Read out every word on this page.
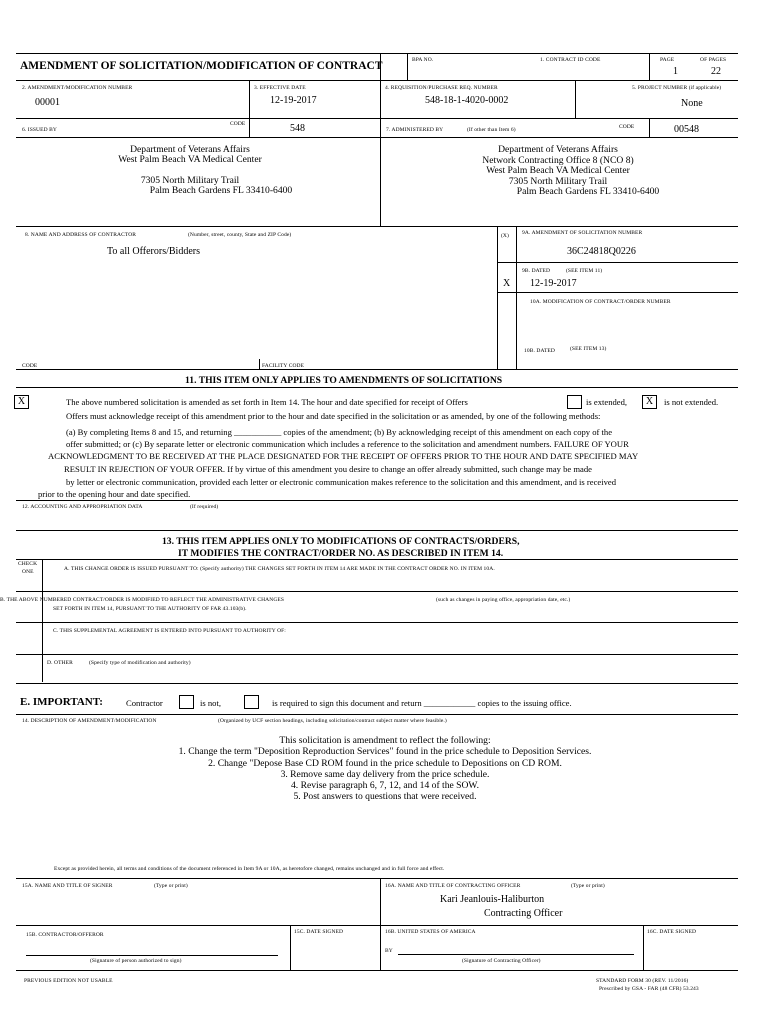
AMENDMENT OF SOLICITATION/MODIFICATION OF CONTRACT	BPA NO.	1. CONTRACT ID CODE	PAGE	OF PAGES
1	22
2. AMENDMENT/MODIFICATION NUMBER
00001
3. EFFECTIVE DATE
12-19-2017
4. REQUISITION/PURCHASE REQ. NUMBER
548-18-1-4020-0002
5. PROJECT NUMBER (if applicable)
None
6. ISSUED BY
CODE	548	7. ADMINISTERED BY	(If other than Item 6)	CODE	00548
Department of Veterans Affairs
West Palm Beach VA Medical Center
7305 North Military Trail
Palm Beach Gardens FL 33410-6400
Department of Veterans Affairs
Network Contracting Office 8 (NCO 8)
West Palm Beach VA Medical Center
7305 North Military Trail
Palm Beach Gardens FL 33410-6400
8. NAME AND ADDRESS OF CONTRACTOR	(Number, street, county, State and ZIP Code)	(X)
To all Offerors/Bidders
9A. AMENDMENT OF SOLICITATION NUMBER
36C24818Q0226
9B. DATED	(SEE ITEM 11)
X 12-19-2017
10A. MODIFICATION OF CONTRACT/ORDER NUMBER
10B. DATED	(SEE ITEM 13)
CODE	FACILITY CODE
11. THIS ITEM ONLY APPLIES TO AMENDMENTS OF SOLICITATIONS
X	The above numbered solicitation is amended as set forth in Item 14. The hour and date specified for receipt of Offers	is extended,	X	is not extended.
Offers must acknowledge receipt of this amendment prior to the hour and date specified in the solicitation or as amended, by one of the following methods:
(a) By completing Items 8 and 15, and returning ___________ copies of the amendment; (b) By acknowledging receipt of this amendment on each copy of the
offer submitted; or (c) By separate letter or electronic communication which includes a reference to the solicitation and amendment numbers. FAILURE OF YOUR
ACKNOWLEDGMENT TO BE RECEIVED AT THE PLACE DESIGNATED FOR THE RECEIPT OF OFFERS PRIOR TO THE HOUR AND DATE SPECIFIED MAY
RESULT IN REJECTION OF YOUR OFFER. If by virtue of this amendment you desire to change an offer already submitted, such change may be made
by letter or electronic communication, provided each letter or electronic communication makes reference to the solicitation and this amendment, and is received
prior to the opening hour and date specified.
12. ACCOUNTING AND APPROPRIATION DATA	(If required)
13. THIS ITEM APPLIES ONLY TO MODIFICATIONS OF CONTRACTS/ORDERS,
IT MODIFIES THE CONTRACT/ORDER NO. AS DESCRIBED IN ITEM 14.
CHECK
ONE	A. THIS CHANGE ORDER IS ISSUED PURSUANT TO: (Specify authority) THE CHANGES SET FORTH IN ITEM 14 ARE MADE IN THE CONTRACT ORDER NO. IN ITEM 10A.
B. THE ABOVE NUMBERED CONTRACT/ORDER IS MODIFIED TO REFLECT THE ADMINISTRATIVE CHANGES	(such as changes in paying office, appropriation date, etc.)
SET FORTH IN ITEM 14, PURSUANT TO THE AUTHORITY OF FAR 43.103(b).
C. THIS SUPPLEMENTAL AGREEMENT IS ENTERED INTO PURSUANT TO AUTHORITY OF:
D. OTHER	(Specify type of modification and authority)
E. IMPORTANT:	Contractor	is not,	is required to sign this document and return ____________ copies to the issuing office.
14. DESCRIPTION OF AMENDMENT/MODIFICATION	(Organized by UCF section headings, including solicitation/contract subject matter where feasible.)
This solicitation is amendment to reflect the following:
1. Change the term "Deposition Reproduction Services" found in the price schedule to Deposition Services.
2. Change "Depose Base CD ROM found in the price schedule to Depositions on CD ROM.
3. Remove same day delivery from the price schedule.
4. Revise paragraph 6, 7, 12, and 14 of the SOW.
5. Post answers to questions that were received.
Except as provided herein, all terms and conditions of the document referenced in Item 9A or 10A, as heretofore changed, remains unchanged and in full force and effect.
15A. NAME AND TITLE OF SIGNER	(Type or print)	16A. NAME AND TITLE OF CONTRACTING OFFICER	(Type or print)
Kari Jeanlouis-Haliburton
Contracting Officer
15B. CONTRACTOR/OFFEROR	15C. DATE SIGNED	16B. UNITED STATES OF AMERICA	16C. DATE SIGNED
BY
(Signature of person authorized to sign)	(Signature of Contracting Officer)
PREVIOUS EDITION NOT USABLE	STANDARD FORM 30 (REV. 11/2016)
Prescribed by GSA - FAR (48 CFR) 53.243
